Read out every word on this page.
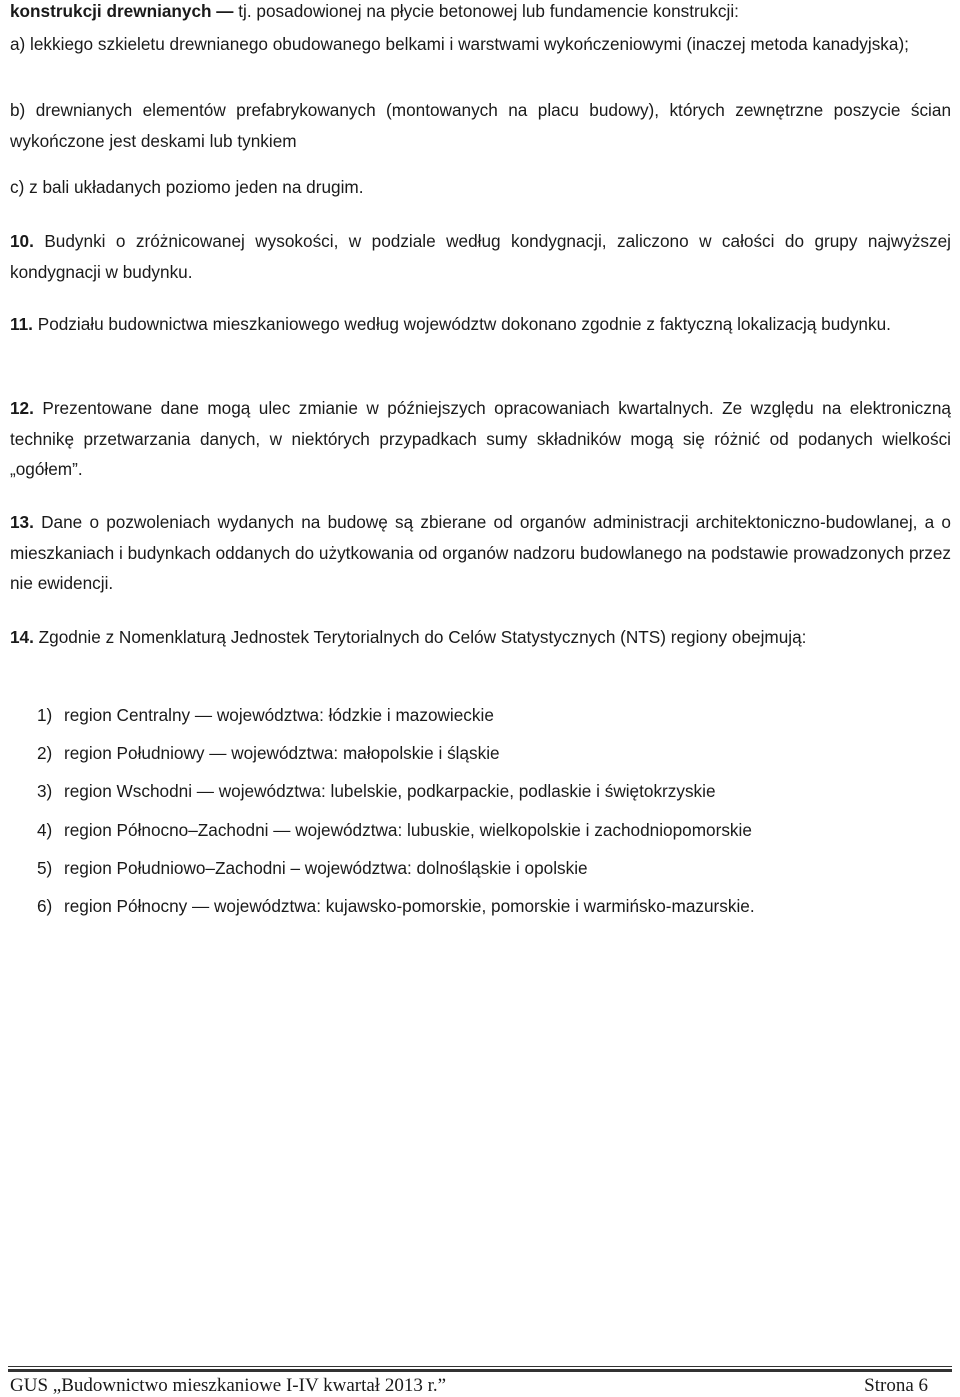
konstrukcji drewnianych — tj. posadowionej na płycie betonowej lub fundamencie konstrukcji:

a) lekkiego szkieletu drewnianego obudowanego belkami i warstwami wykończeniowymi (inaczej metoda kanadyjska);

b) drewnianych elementów prefabrykowanych (montowanych na placu budowy), których zewnętrzne poszycie ścian wykończone jest deskami lub tynkiem

c) z bali układanych poziomo jeden na drugim.

10. Budynki o zróżnicowanej wysokości, w podziale według kondygnacji, zaliczono w całości do grupy najwyższej kondygnacji w budynku.

11. Podziału budownictwa mieszkaniowego według województw dokonano zgodnie z faktyczną lokalizacją budynku.

12. Prezentowane dane mogą ulec zmianie w późniejszych opracowaniach kwartalnych. Ze względu na elektroniczną technikę przetwarzania danych, w niektórych przypadkach sumy składników mogą się różnić od podanych wielkości „ogółem”.

13. Dane o pozwoleniach wydanych na budowę są zbierane od organów administracji architektoniczno-budowlanej, a o mieszkaniach i budynkach oddanych do użytkowania od organów nadzoru budowlanego na podstawie prowadzonych przez nie ewidencji.

14. Zgodnie z Nomenklaturą Jednostek Terytorialnych do Celów Statystycznych (NTS) regiony obejmują:

1) region Centralny — województwa: łódzkie i mazowieckie
2) region Południowy — województwa: małopolskie i śląskie
3) region Wschodni — województwa: lubelskie, podkarpackie, podlaskie i świętokrzyskie
4) region Północno–Zachodni — województwa: lubuskie, wielkopolskie i zachodniopomorskie
5) region Południowo–Zachodni – województwa: dolnośląskie i opolskie
6) region Północny — województwa: kujawsko-pomorskie, pomorskie i warmińsko-mazurskie.
GUS „Budownictwo mieszkaniowe I-IV kwartał 2013 r.”	Strona 6
